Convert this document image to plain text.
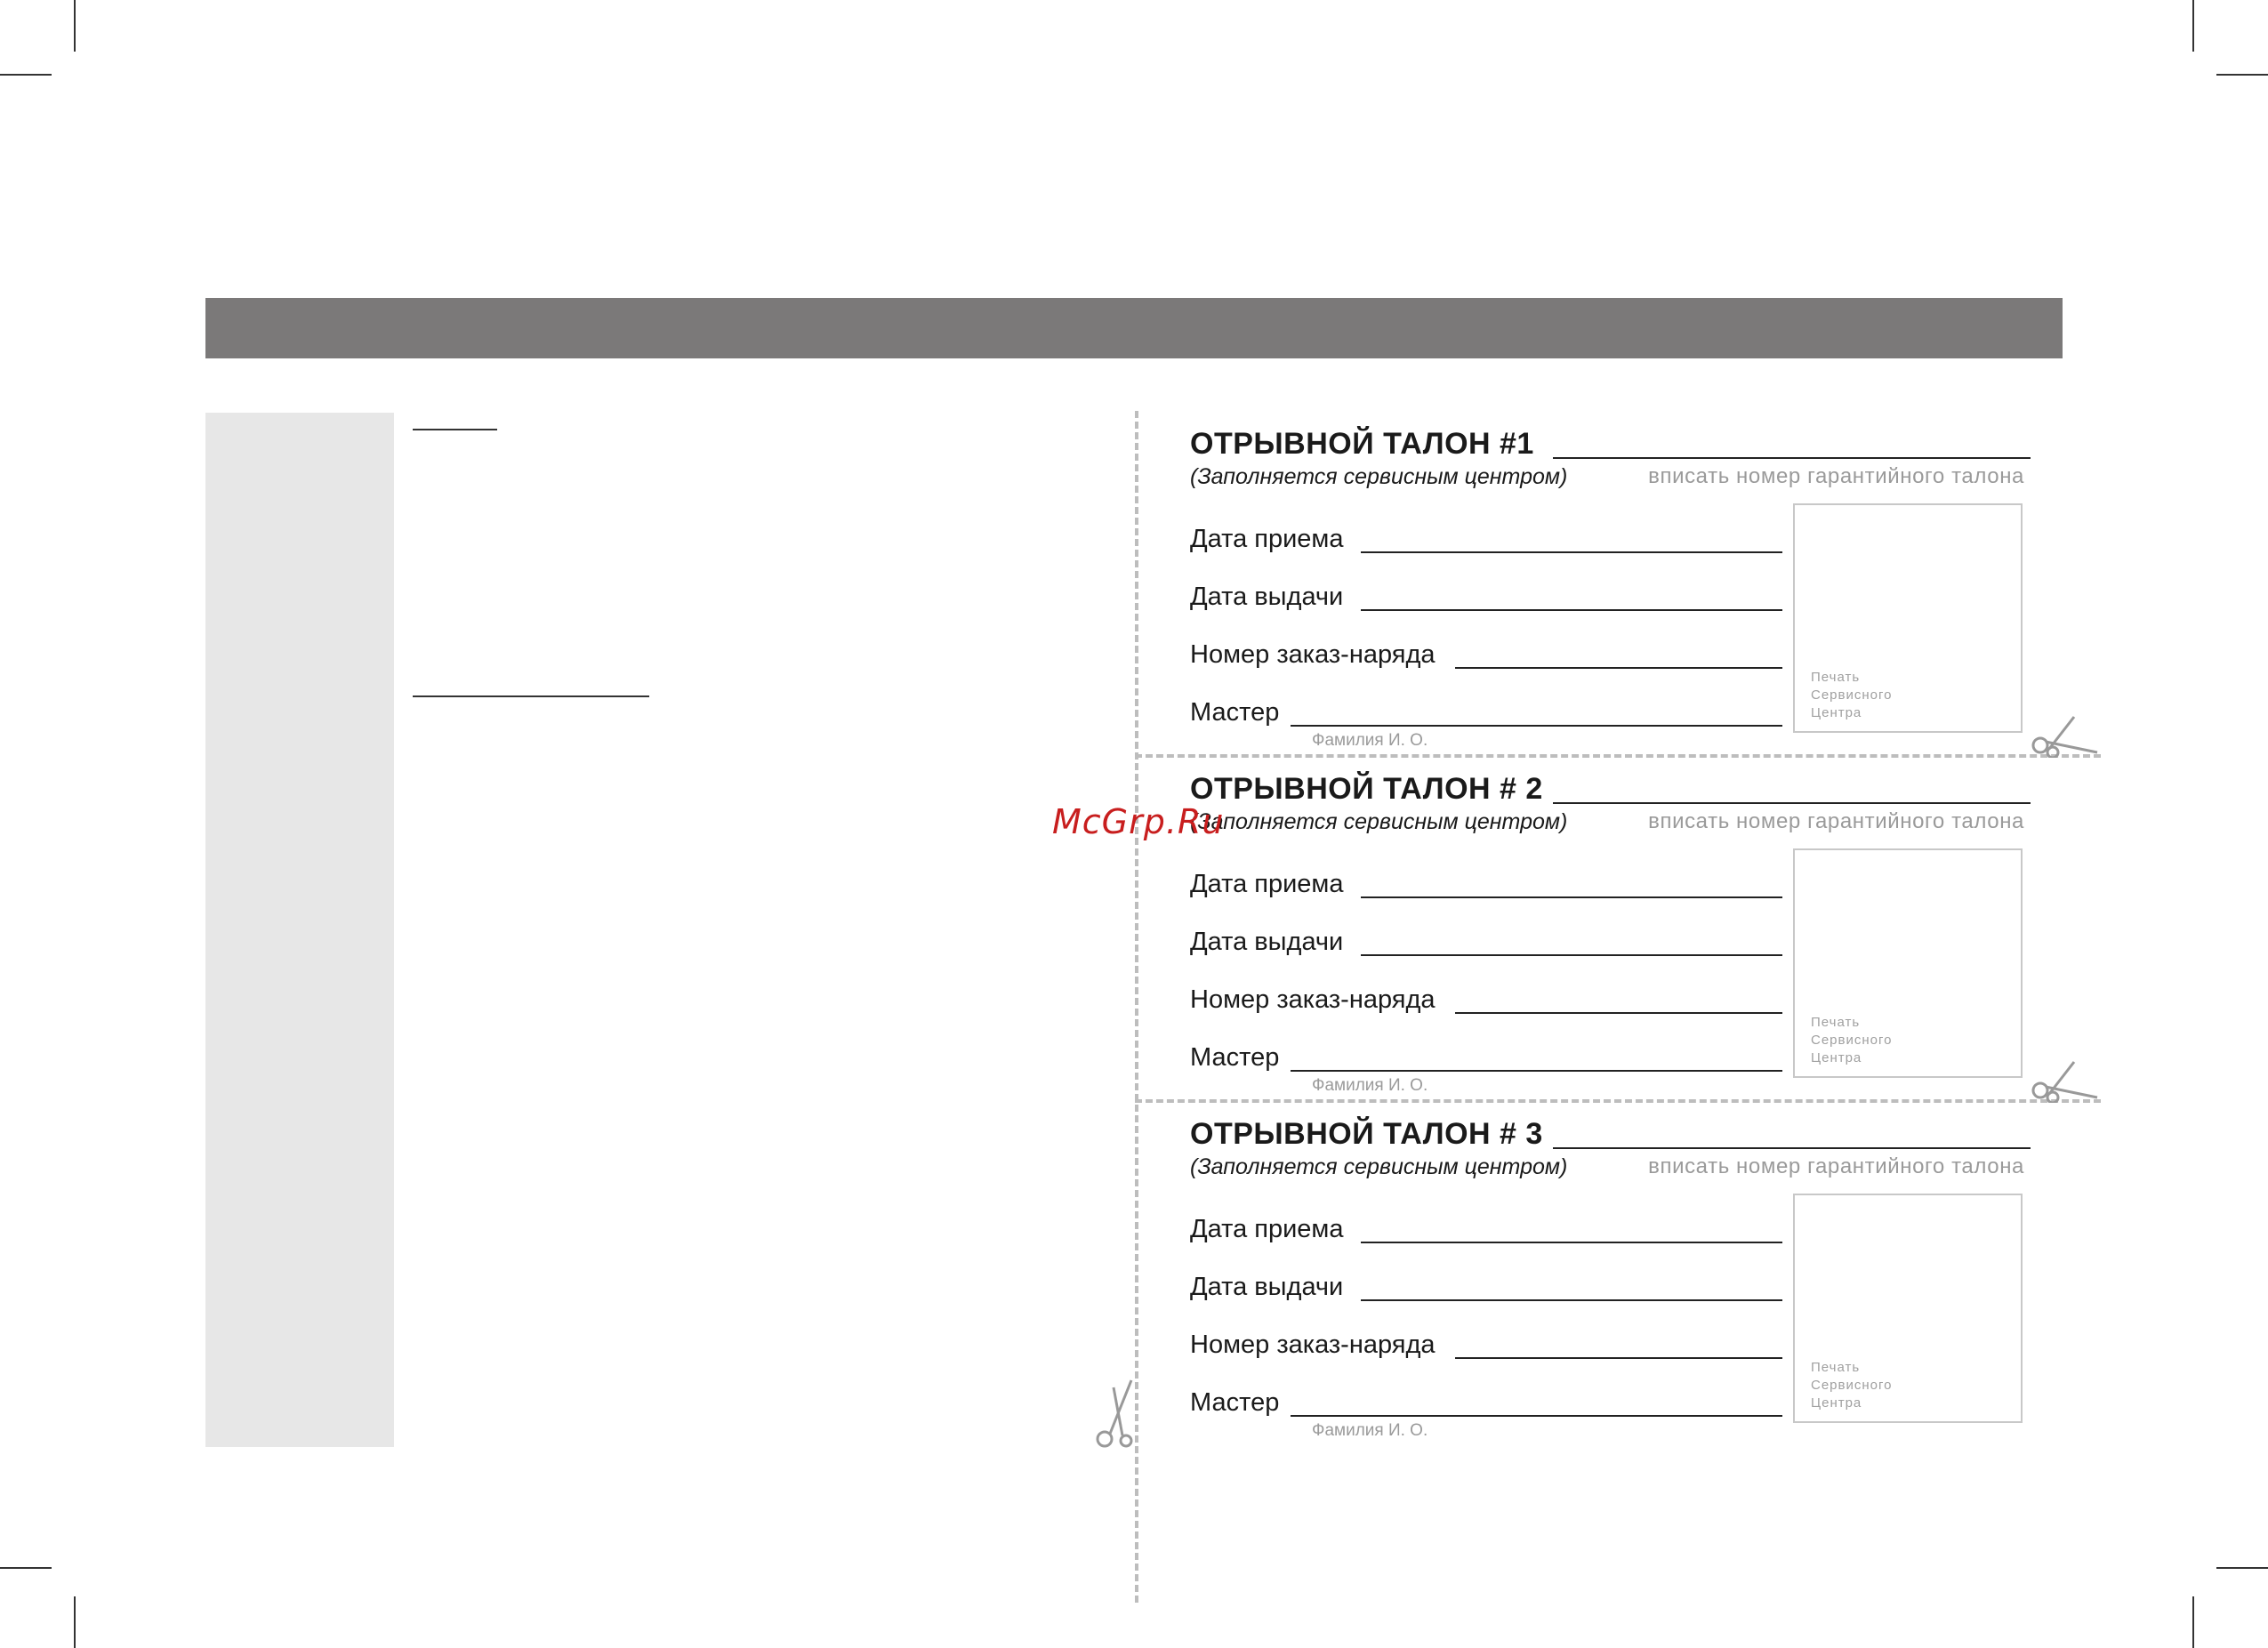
ОТРЫВНОЙ ТАЛОН #1
(Заполняется сервисным центром)	вписать номер гарантийного талона
Дата приема
Дата выдачи
Номер заказ-наряда
Мастер
Фамилия И. О.
Печать
Сервисного
Центра
ОТРЫВНОЙ ТАЛОН # 2
(Заполняется сервисным центром)	вписать номер гарантийного талона
Дата приема
Дата выдачи
Номер заказ-наряда
Мастер
Фамилия И. О.
Печать
Сервисного
Центра
ОТРЫВНОЙ ТАЛОН # 3
(Заполняется сервисным центром)	вписать номер гарантийного талона
Дата приема
Дата выдачи
Номер заказ-наряда
Мастер
Фамилия И. О.
Печать
Сервисного
Центра
McGrp.Ru
